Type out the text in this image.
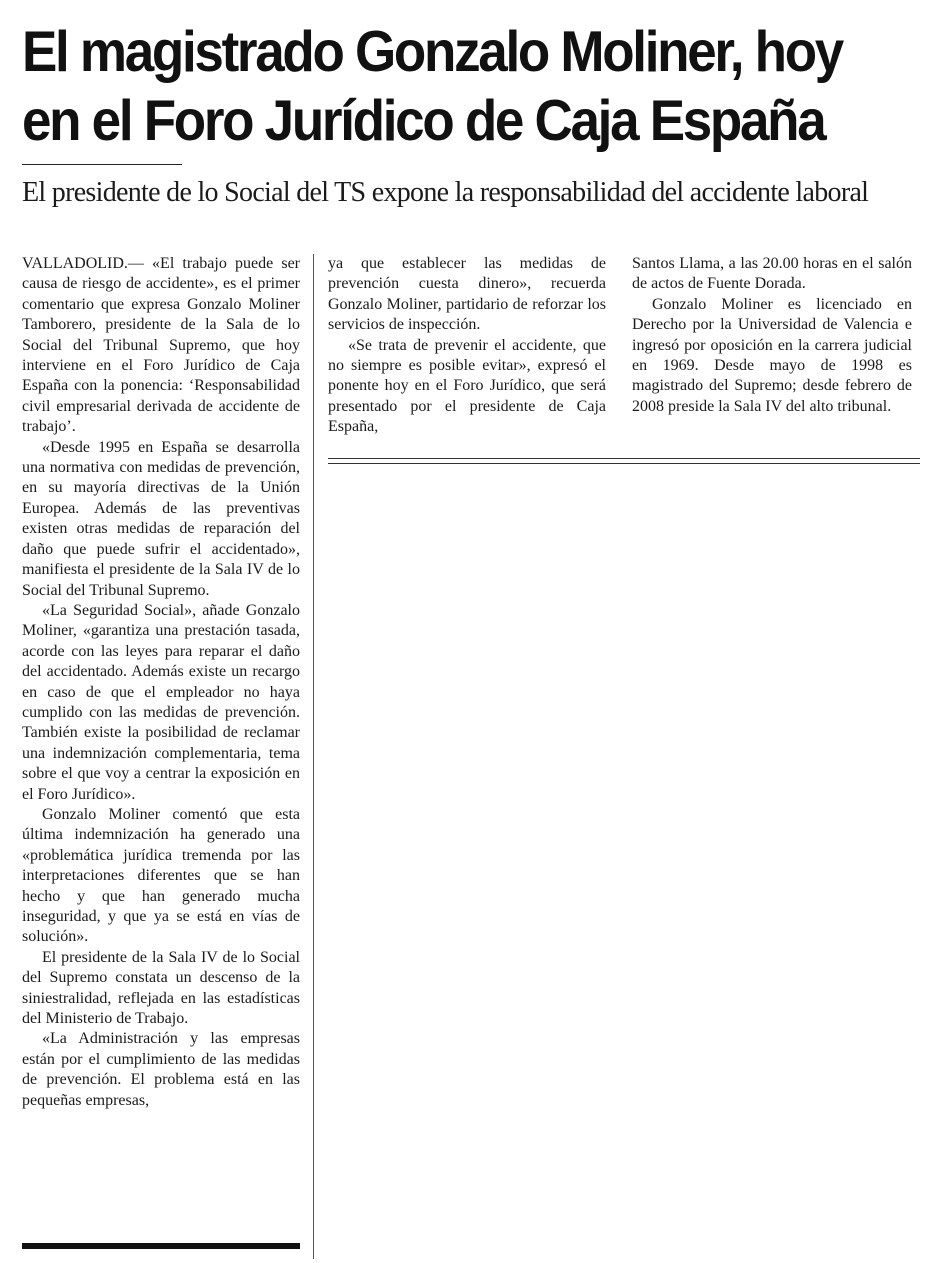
El magistrado Gonzalo Moliner, hoy
en el Foro Jurídico de Caja España
El presidente de lo Social del TS expone la responsabilidad del accidente laboral

VALLADOLID.— «El trabajo puede ser causa de riesgo de accidente», es el primer comentario que expresa Gonzalo Moliner Tamborero, presidente de la Sala de lo Social del Tribunal Supremo, que hoy interviene en el Foro Jurídico de Caja España con la ponencia: ‘Responsabilidad civil empresarial derivada de accidente de trabajo’.

«Desde 1995 en España se desarrolla una normativa con medidas de prevención, en su mayoría directivas de la Unión Europea. Además de las preventivas existen otras medidas de reparación del daño que puede sufrir el accidentado», manifiesta el presidente de la Sala IV de lo Social del Tribunal Supremo.

«La Seguridad Social», añade Gonzalo Moliner, «garantiza una prestación tasada, acorde con las leyes para reparar el daño del accidentado. Además existe un recargo en caso de que el empleador no haya cumplido con las medidas de prevención. También existe la posibilidad de reclamar una indemnización complementaria, tema sobre el que voy a centrar la exposición en el Foro Jurídico».

Gonzalo Moliner comentó que esta última indemnización ha generado una «problemática jurídica tremenda por las interpretaciones diferentes que se han hecho y que han generado mucha inseguridad, y que ya se está en vías de solución».

El presidente de la Sala IV de lo Social del Supremo constata un descenso de la siniestralidad, reflejada en las estadísticas del Ministerio de Trabajo.

«La Administración y las empresas están por el cumplimiento de las medidas de prevención. El problema está en las pequeñas empresas,

ya que establecer las medidas de prevención cuesta dinero», recuerda Gonzalo Moliner, partidario de reforzar los servicios de inspección.

«Se trata de prevenir el accidente, que no siempre es posible evitar», expresó el ponente hoy en el Foro Jurídico, que será presentado por el presidente de Caja España,

Santos Llama, a las 20.00 horas en el salón de actos de Fuente Dorada.

Gonzalo Moliner es licenciado en Derecho por la Universidad de Valencia e ingresó por oposición en la carrera judicial en 1969. Desde mayo de 1998 es magistrado del Supremo; desde febrero de 2008 preside la Sala IV del alto tribunal.
